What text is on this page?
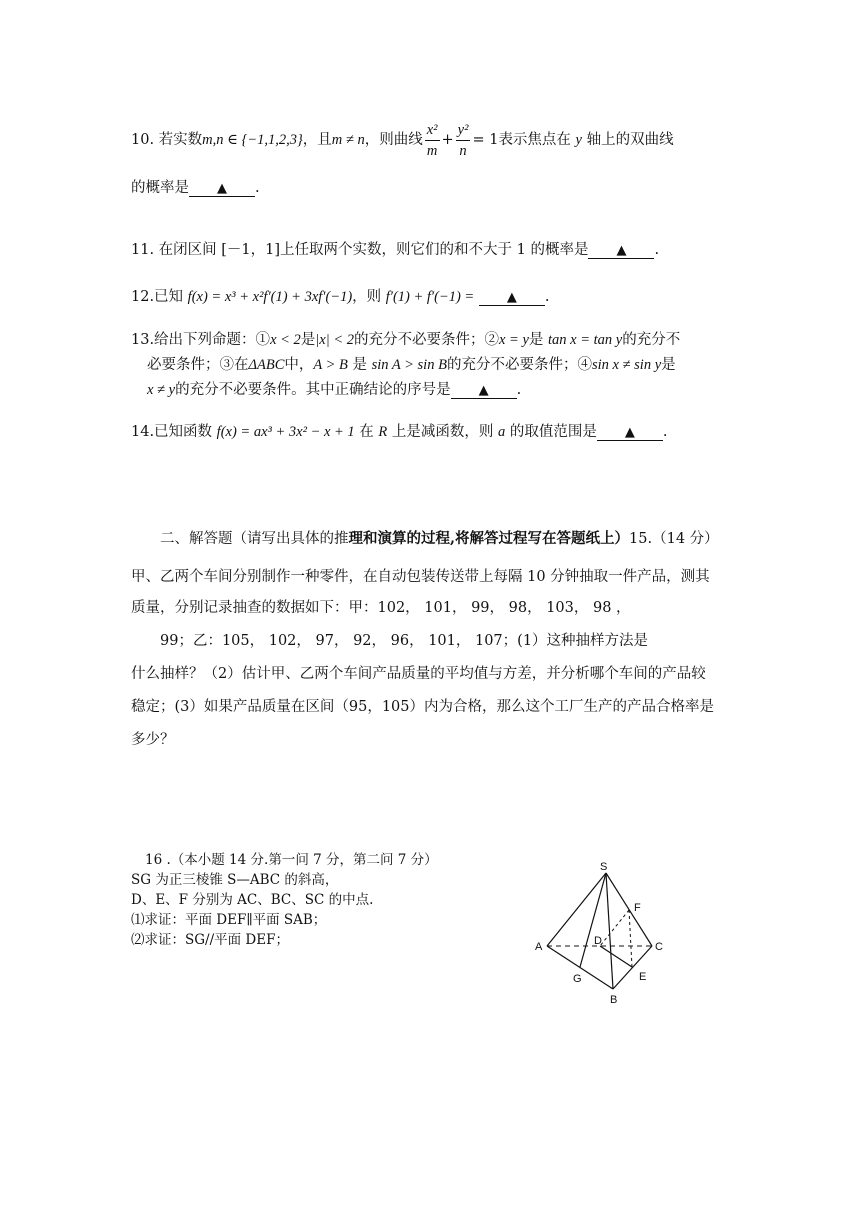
10. 若实数m,n ∈ {−1,1,2,3}，且m ≠ n，则曲线 $\frac{\text{x²}}{m} + \frac{\text{y²}}{n} = 1$表示焦点在 y 轴上的双曲线
的概率是 ▲ .
11. 在闭区间 [－1，1]上任取两个实数，则它们的和不大于 1 的概率是 ▲ .
12.已知 f(x) = x³ + x²f′(1) + 3xf′(−1)，则 f′(1) + f′(−1) =	▲ .
13.给出下列命题：①x < 2是|x| < 2的充分不必要条件；②x = y是 tan x = tan y的充分不
必要条件；③在ΔABC中，A > B 是 sin A > sin B的充分不必要条件；④sin x ≠ sin y是
x ≠ y的充分不必要条件。其中正确结论的序号是 ▲ .
14.已知函数 f(x) = ax³ + 3x² − x + 1 在 R 上是减函数，则 a 的取值范围是 ▲ .
二、解答题（请写出具体的推理和演算的过程,将解答过程写在答题纸上）15.（14 分）
甲、乙两个车间分别制作一种零件，在自动包装传送带上每隔 10 分钟抽取一件产品，测其
质量，分别记录抽查的数据如下：甲：102， 101， 99， 98， 103， 98 ，
99；乙：105， 102， 97， 92， 96， 101， 107；(1）这种抽样方法是
什么抽样？（2）估计甲、乙两个车间产品质量的平均值与方差，并分析哪个车间的产品较
稳定；(3）如果产品质量在区间（95，105）内为合格，那么这个工厂生产的产品合格率是
多少？
16 .（本小题 14 分.第一问 7 分，第二问 7 分）
SG 为正三棱锥 S—ABC 的斜高，
D、E、F 分别为 AC、BC、SC 的中点.
⑴求证：平面 DEF∥平面 SAB；
⑵求证：SG//平面 DEF；
S
A	C
B
D
E
F
G
